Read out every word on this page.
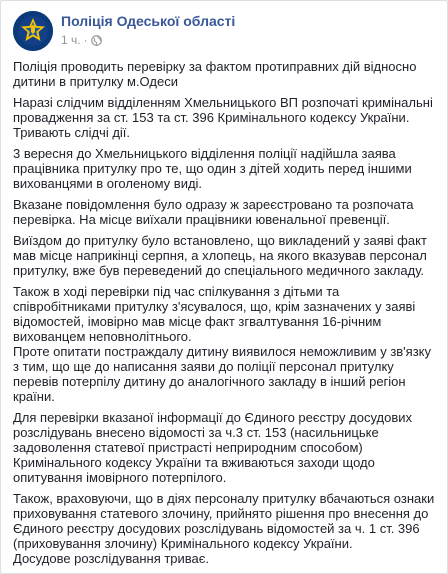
Поліція Одеської області
1 ч. ·

Поліція проводить перевірку за фактом протиправних дій відносно дитини в притулку м.Одеси

Наразі слідчим відділенням Хмельницького ВП розпочаті кримінальні провадження за ст. 153 та ст. 396 Кримінального кодексу України. Тривають слідчі дії.

3 вересня до Хмельницького відділення поліції надійшла заява працівника притулку про те, що один з дітей ходить перед іншими вихованцями в оголеному виді.

Вказане повідомлення було одразу ж зареєстровано та розпочата перевірка. На місце виїхали працівники ювенальної превенції.

Виїздом до притулку було встановлено, що викладений у заяві факт мав місце наприкінці серпня, а хлопець, на якого вказував персонал притулку, вже був переведений до спеціального медичного закладу.

Також в ході перевірки під час спілкування з дітьми та співробітниками притулку з'ясувалося, що, крім зазначених у заяві відомостей, імовірно мав місце факт згвалтування 16-річним вихованцем неповнолітнього.

Проте опитати постраждалу дитину виявилося неможливим у зв'язку з тим, що ще до написання заяви до поліції персонал притулку перевів потерпілу дитину до аналогічного закладу в інший регіон країни.

Для перевірки вказаної інформації до Єдиного реєстру досудових розслідувань внесено відомості за ч.3 ст. 153 (насильницьке задоволення статевої пристрасті неприродним способом) Кримінального кодексу України та вживаються заходи щодо опитування імовірного потерпілого.

Також, враховуючи, що в діях персоналу притулку вбачаються ознаки приховування статевого злочину, прийнято рішення про внесення до Єдиного реєстру досудових розслідувань відомостей за ч. 1 ст. 396 (приховування злочину) Кримінального кодексу України.

Досудове розслідування триває.
